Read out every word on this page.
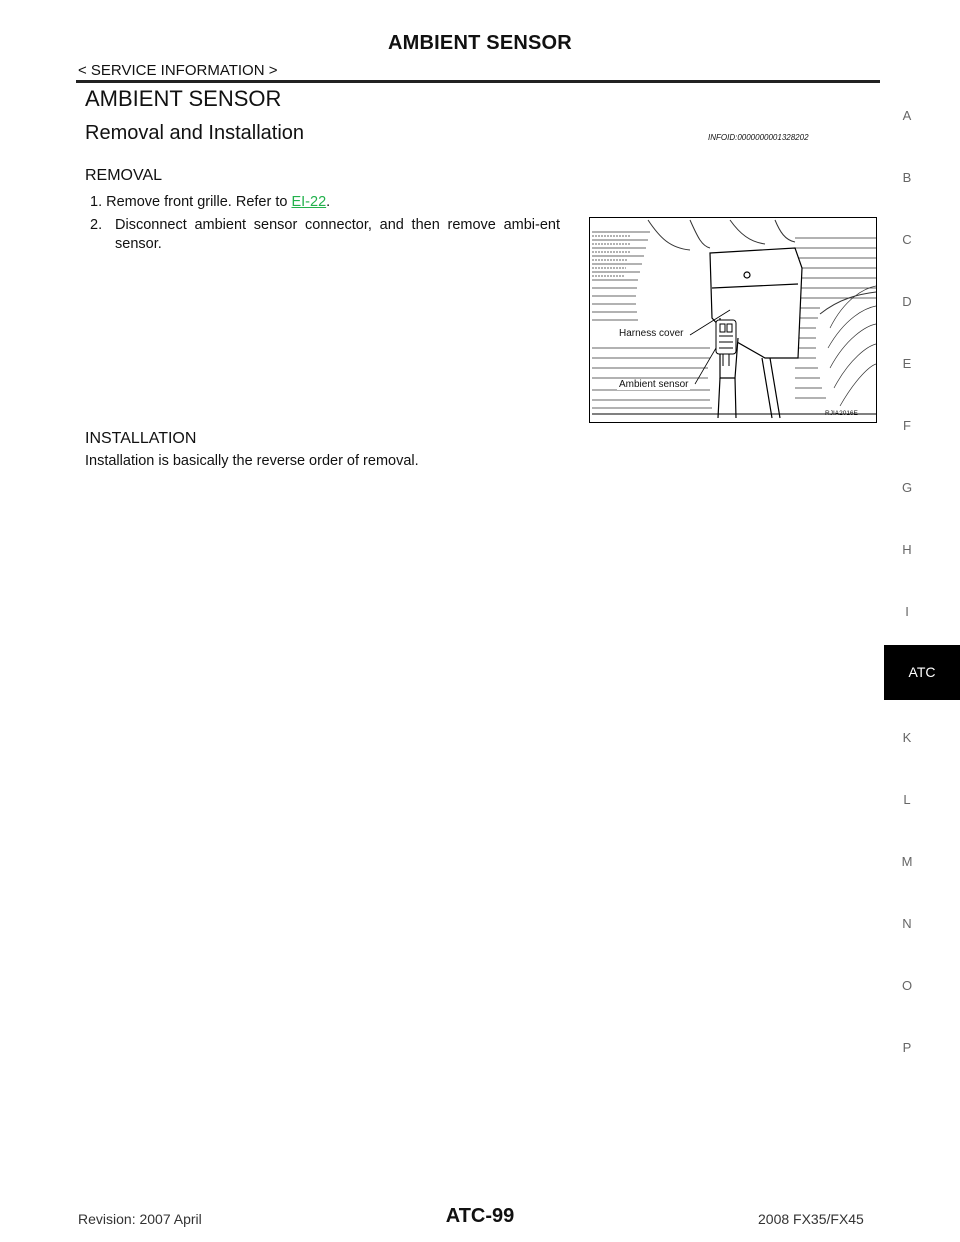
AMBIENT SENSOR
< SERVICE INFORMATION >
AMBIENT SENSOR
Removal and Installation	INFOID:0000000001328202
REMOVAL
1. Remove front grille. Refer to EI-22.
2. Disconnect ambient sensor connector, and then remove ambi-ent sensor.
Harness cover
Ambient sensor
RJIA2016E
INSTALLATION
Installation is basically the reverse order of removal.
A
B
C
D
E
F
G
H
I
ATC
K
L
M
N
O
P
Revision: 2007 April	ATC-99	2008 FX35/FX45
